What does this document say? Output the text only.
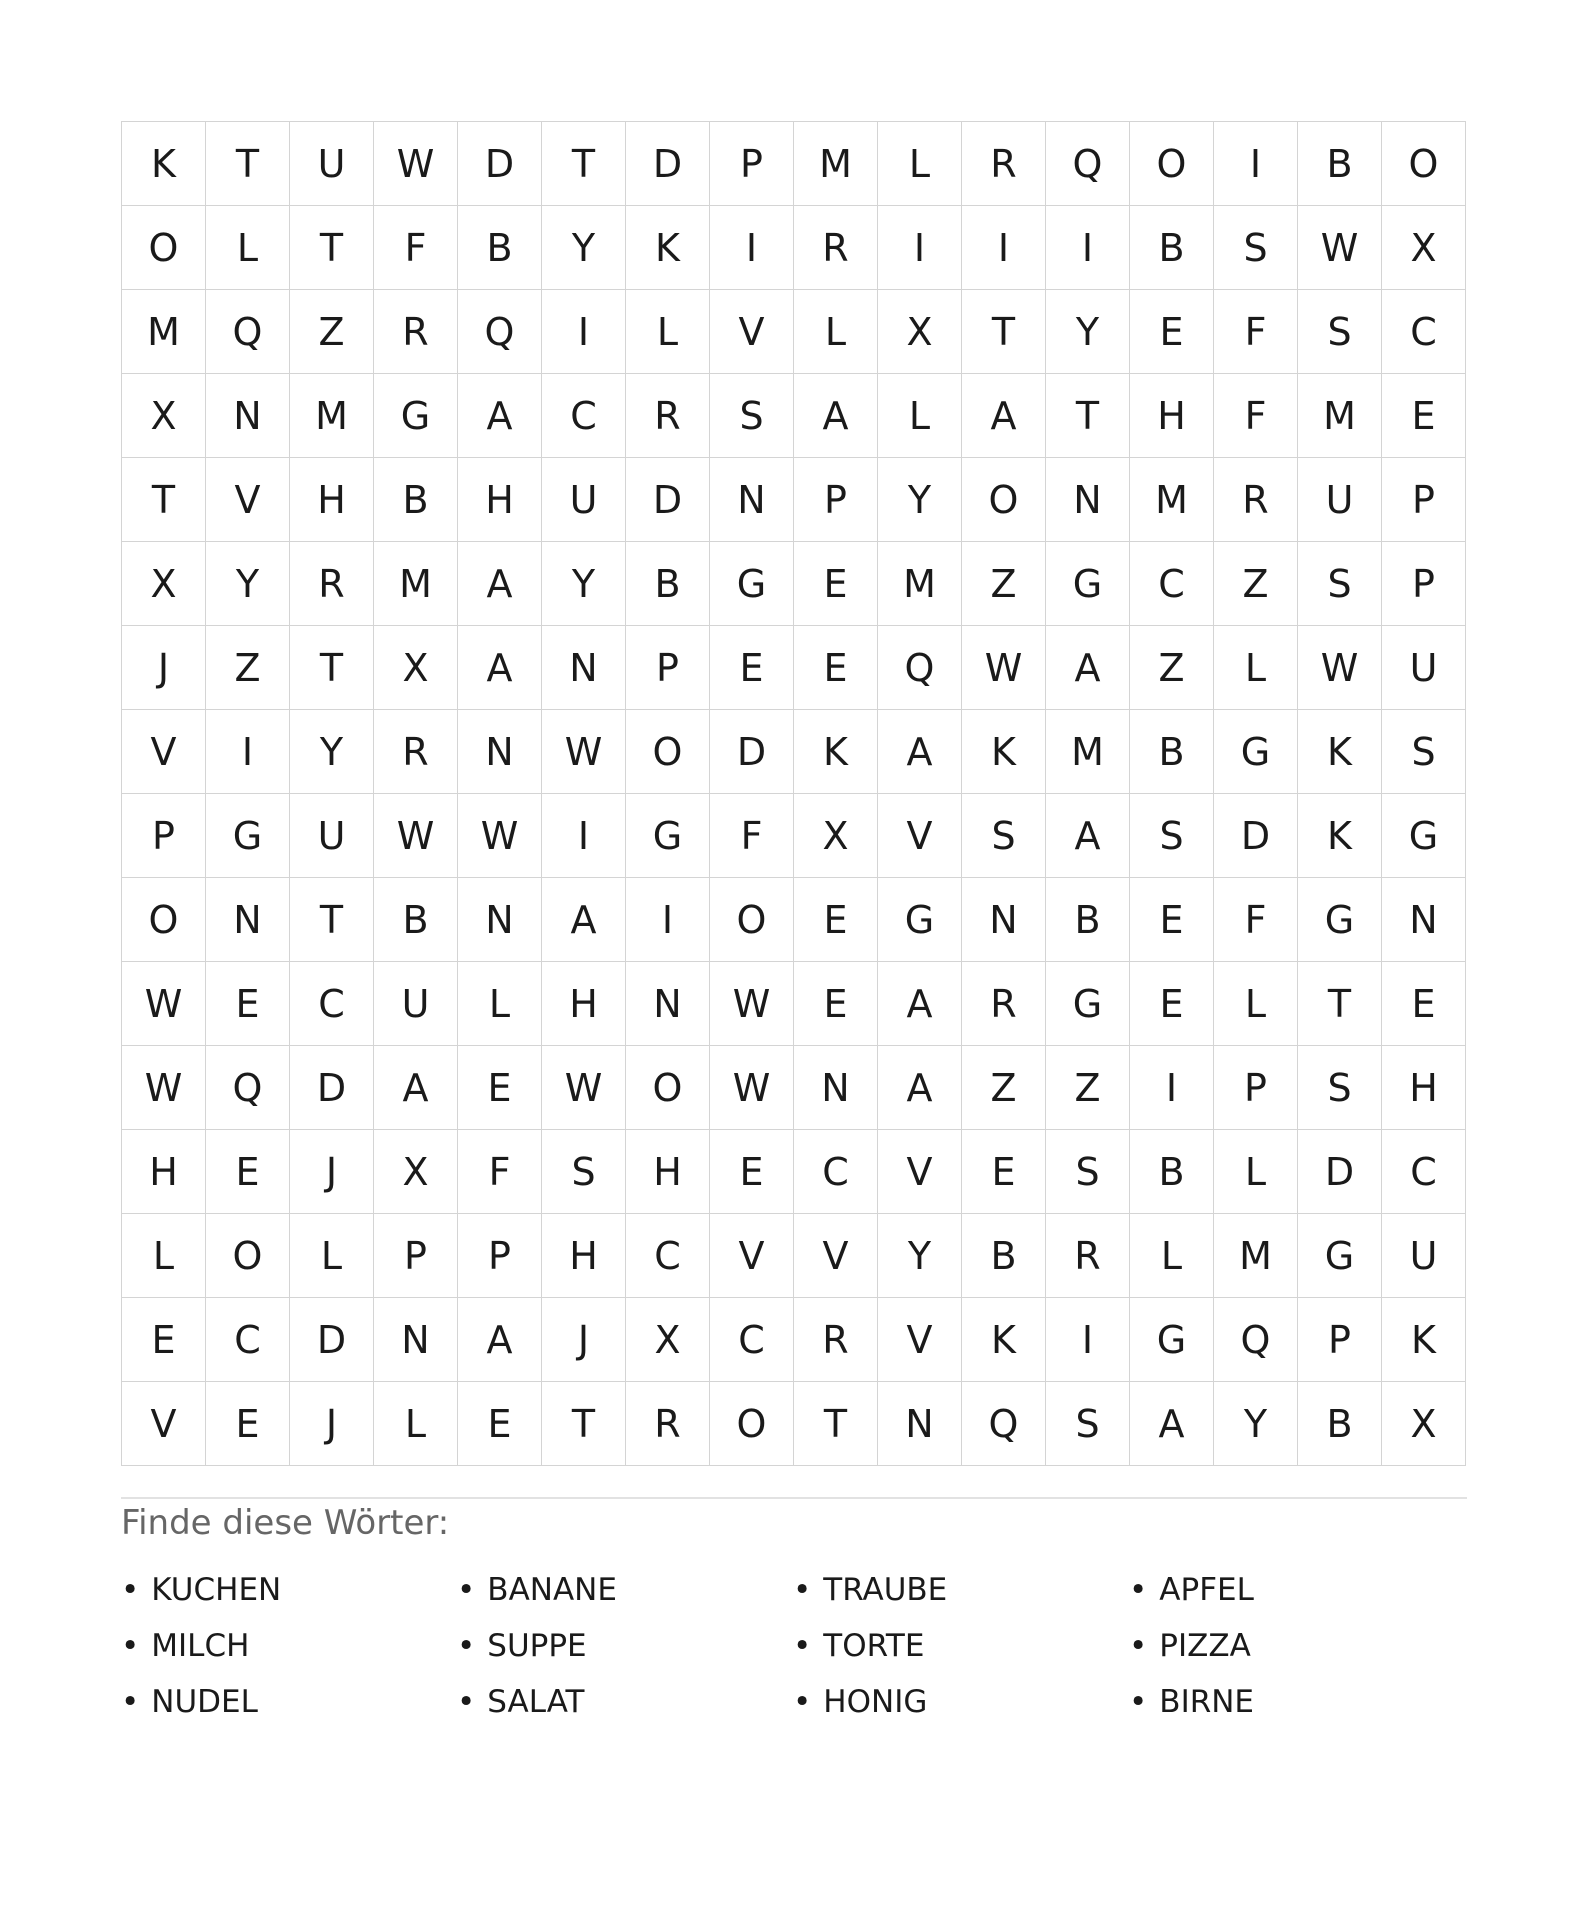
K	T	U	W	D	T	D	P	M	L	R	Q	O	I	B	O
O	L	T	F	B	Y	K	I	R	I	I	I	B	S	W	X
M	Q	Z	R	Q	I	L	V	L	X	T	Y	E	F	S	C
X	N	M	G	A	C	R	S	A	L	A	T	H	F	M	E
T	V	H	B	H	U	D	N	P	Y	O	N	M	R	U	P
X	Y	R	M	A	Y	B	G	E	M	Z	G	C	Z	S	P
J	Z	T	X	A	N	P	E	E	Q	W	A	Z	L	W	U
V	I	Y	R	N	W	O	D	K	A	K	M	B	G	K	S
P	G	U	W	W	I	G	F	X	V	S	A	S	D	K	G
O	N	T	B	N	A	I	O	E	G	N	B	E	F	G	N
W	E	C	U	L	H	N	W	E	A	R	G	E	L	T	E
W	Q	D	A	E	W	O	W	N	A	Z	Z	I	P	S	H
H	E	J	X	F	S	H	E	C	V	E	S	B	L	D	C
L	O	L	P	P	H	C	V	V	Y	B	R	L	M	G	U
E	C	D	N	A	J	X	C	R	V	K	I	G	Q	P	K
V	E	J	L	E	T	R	O	T	N	Q	S	A	Y	B	X
Finde diese Wörter:
• KUCHEN	• BANANE	• TRAUBE	• APFEL
• MILCH	• SUPPE	• TORTE	• PIZZA
• NUDEL	• SALAT	• HONIG	• BIRNE
